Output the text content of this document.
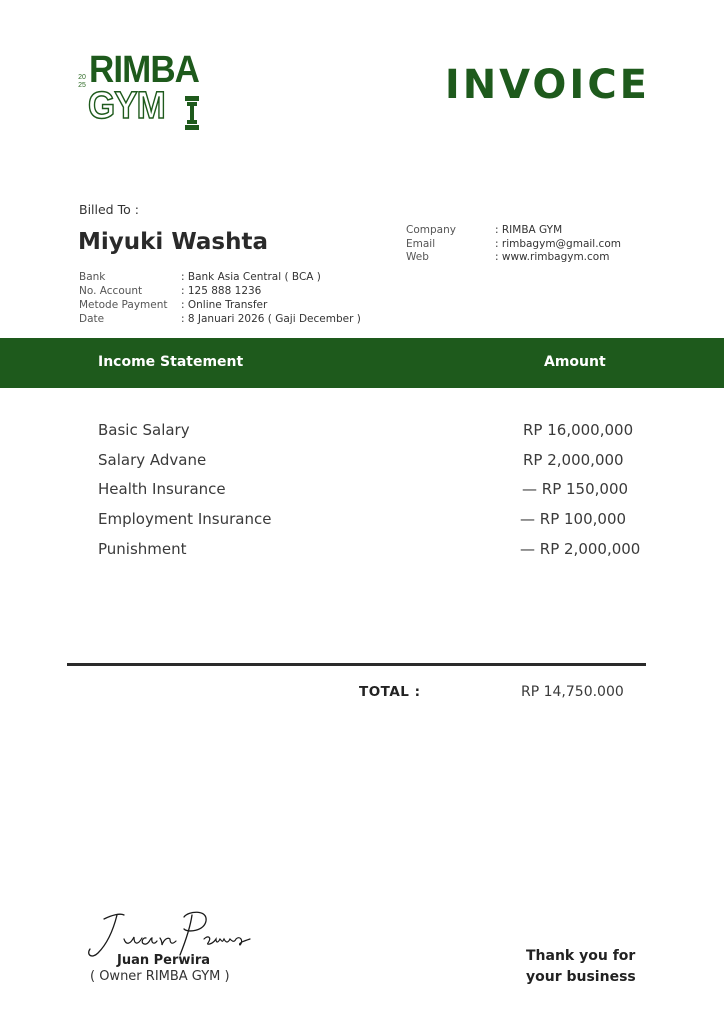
20
25 RIMBA
GYM	INVOICE
Billed To :
Miyuki Washta
Bank	: Bank Asia Central ( BCA )
No. Account	: 125 888 1236
Metode Payment	: Online Transfer
Date	: 8 Januari 2026 ( Gaji December )
Company	: RIMBA GYM
Email	: rimbagym@gmail.com
Web	: www.rimbagym.com
Income Statement	Amount
Basic Salary	RP 16,000,000
Salary Advane	RP 2,000,000
Health Insurance	— RP 150,000
Employment Insurance	— RP 100,000
Punishment	— RP 2,000,000
TOTAL :	RP 14,750.000
Juan Perwira
( Owner RIMBA GYM )
Thank you for
your business
